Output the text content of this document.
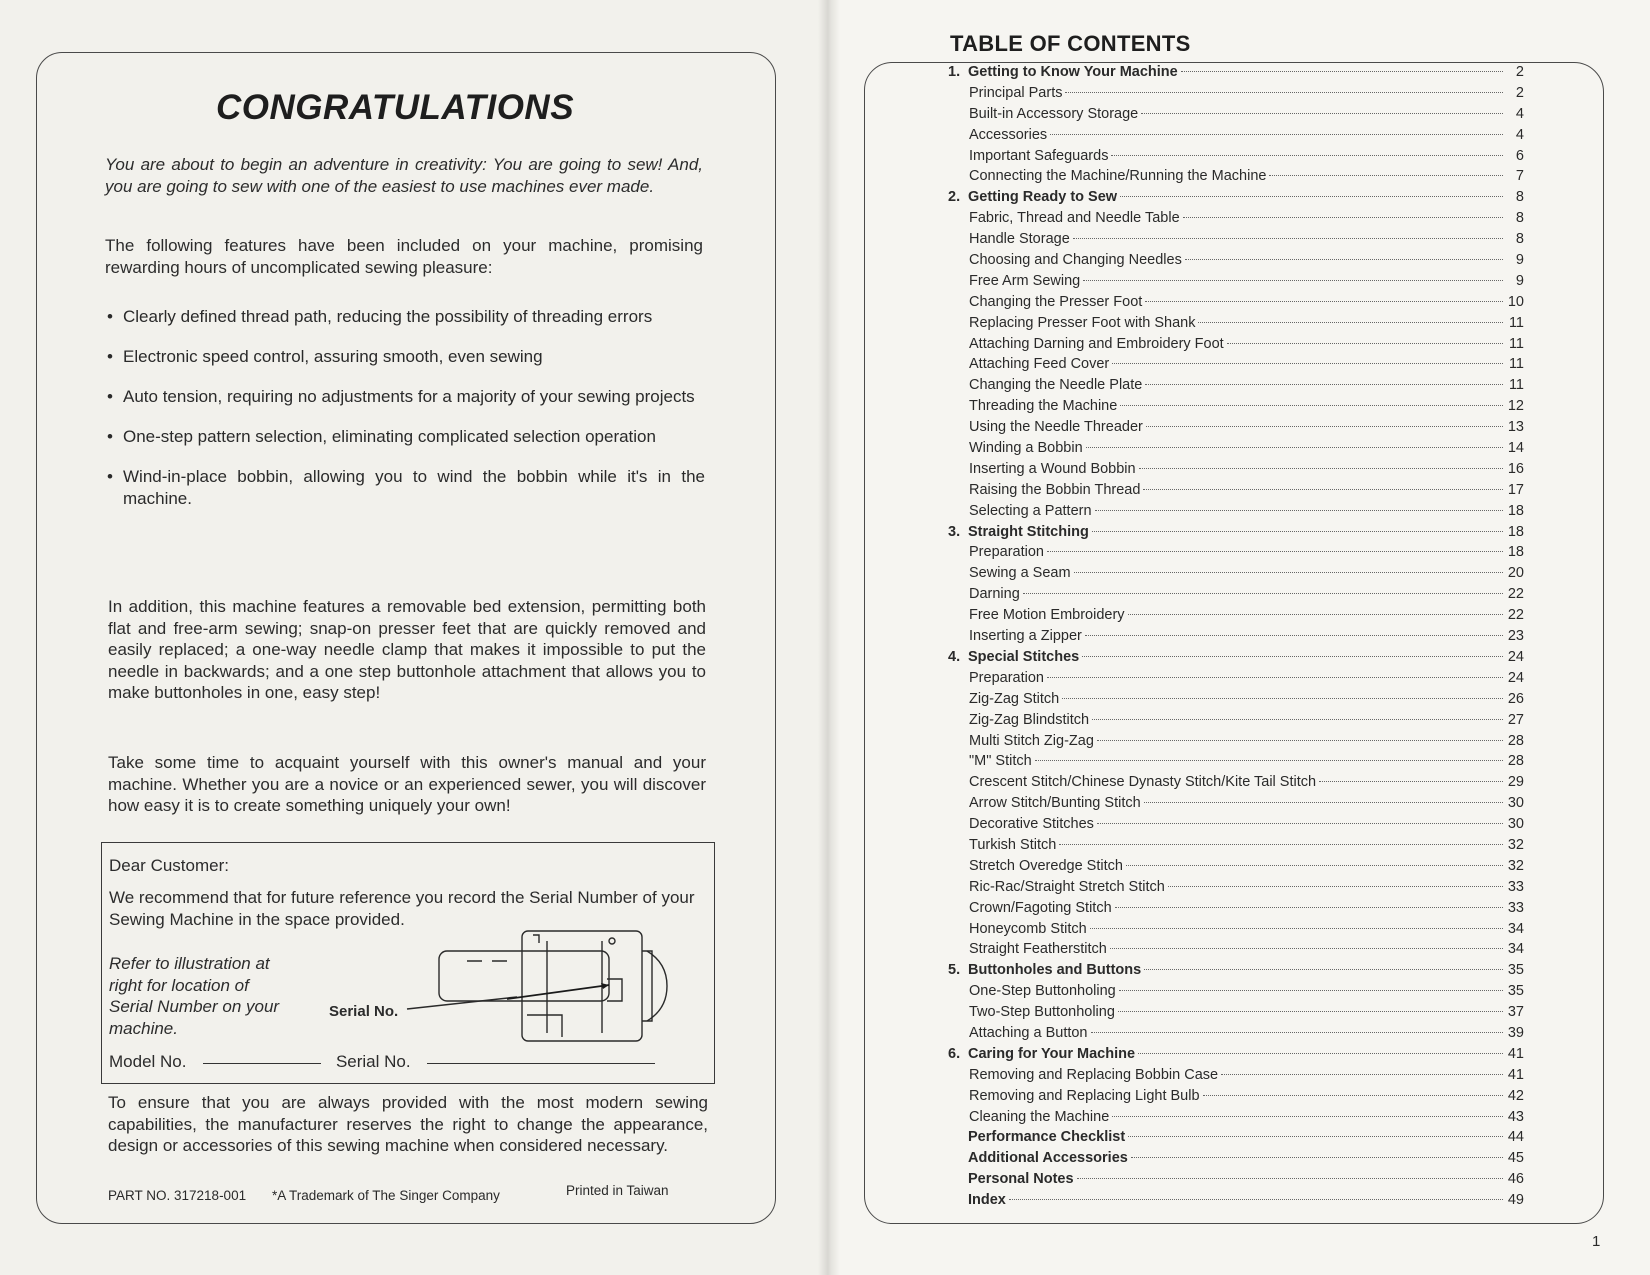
CONGRATULATIONS
You are about to begin an adventure in creativity: You are going to sew! And, you are going to sew with one of the easiest to use machines ever made.
The following features have been included on your machine, promising rewarding hours of uncomplicated sewing pleasure:
• Clearly defined thread path, reducing the possibility of threading errors
• Electronic speed control, assuring smooth, even sewing
• Auto tension, requiring no adjustments for a majority of your sewing projects
• One-step pattern selection, eliminating complicated selection operation
• Wind-in-place bobbin, allowing you to wind the bobbin while it's in the machine.
In addition, this machine features a removable bed extension, permitting both flat and free-arm sewing; snap-on presser feet that are quickly removed and easily replaced; a one-way needle clamp that makes it impossible to put the needle in backwards; and a one step buttonhole attachment that allows you to make buttonholes in one, easy step!
Take some time to acquaint yourself with this owner's manual and your machine. Whether you are a novice or an experienced sewer, you will discover how easy it is to create something uniquely your own!
Dear Customer:
We recommend that for future reference you record the Serial Number of your Sewing Machine in the space provided.
Refer to illustration at right for location of Serial Number on your machine.
Serial No.
Model No.	Serial No.
To ensure that you are always provided with the most modern sewing capabilities, the manufacturer reserves the right to change the appearance, design or accessories of this sewing machine when considered necessary.
PART NO. 317218-001 *A Trademark of The Singer Company	Printed in Taiwan
TABLE OF CONTENTS
1. Getting to Know Your Machine	2
Principal Parts	2
Built-in Accessory Storage	4
Accessories	4
Important Safeguards	6
Connecting the Machine/Running the Machine	7
2. Getting Ready to Sew	8
Fabric, Thread and Needle Table	8
Handle Storage	8
Choosing and Changing Needles	9
Free Arm Sewing	9
Changing the Presser Foot	10
Replacing Presser Foot with Shank	11
Attaching Darning and Embroidery Foot	11
Attaching Feed Cover	11
Changing the Needle Plate	11
Threading the Machine	12
Using the Needle Threader	13
Winding a Bobbin	14
Inserting a Wound Bobbin	16
Raising the Bobbin Thread	17
Selecting a Pattern	18
3. Straight Stitching	18
Preparation	18
Sewing a Seam	20
Darning	22
Free Motion Embroidery	22
Inserting a Zipper	23
4. Special Stitches	24
Preparation	24
Zig-Zag Stitch	26
Zig-Zag Blindstitch	27
Multi Stitch Zig-Zag	28
"M" Stitch	28
Crescent Stitch/Chinese Dynasty Stitch/Kite Tail Stitch	29
Arrow Stitch/Bunting Stitch	30
Decorative Stitches	30
Turkish Stitch	32
Stretch Overedge Stitch	32
Ric-Rac/Straight Stretch Stitch	33
Crown/Fagoting Stitch	33
Honeycomb Stitch	34
Straight Featherstitch	34
5. Buttonholes and Buttons	35
One-Step Buttonholing	35
Two-Step Buttonholing	37
Attaching a Button	39
6. Caring for Your Machine	41
Removing and Replacing Bobbin Case	41
Removing and Replacing Light Bulb	42
Cleaning the Machine	43
Performance Checklist	44
Additional Accessories	45
Personal Notes	46
Index	49
1
